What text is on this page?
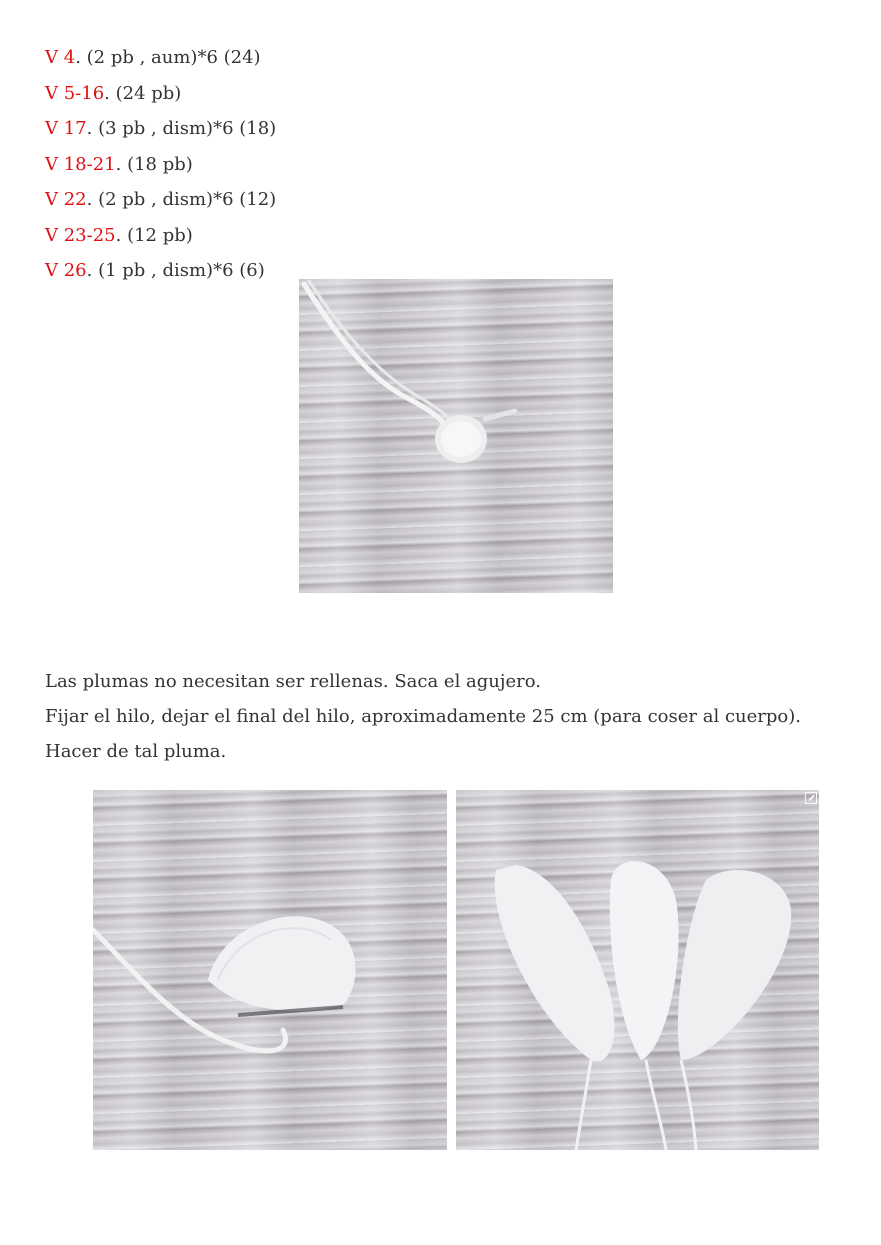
V 4. (2 pb , aum)*6 (24)
V 5-16. (24 pb)
V 17. (3 pb , dism)*6 (18)
V 18-21. (18 pb)
V 22. (2 pb , dism)*6 (12)
V 23-25. (12 pb)
V 26. (1 pb , dism)*6 (6)

Las plumas no necesitan ser rellenas. Saca el agujero.

Fijar el hilo, dejar el final del hilo, aproximadamente 25 cm (para coser al cuerpo). Hacer de tal pluma.
